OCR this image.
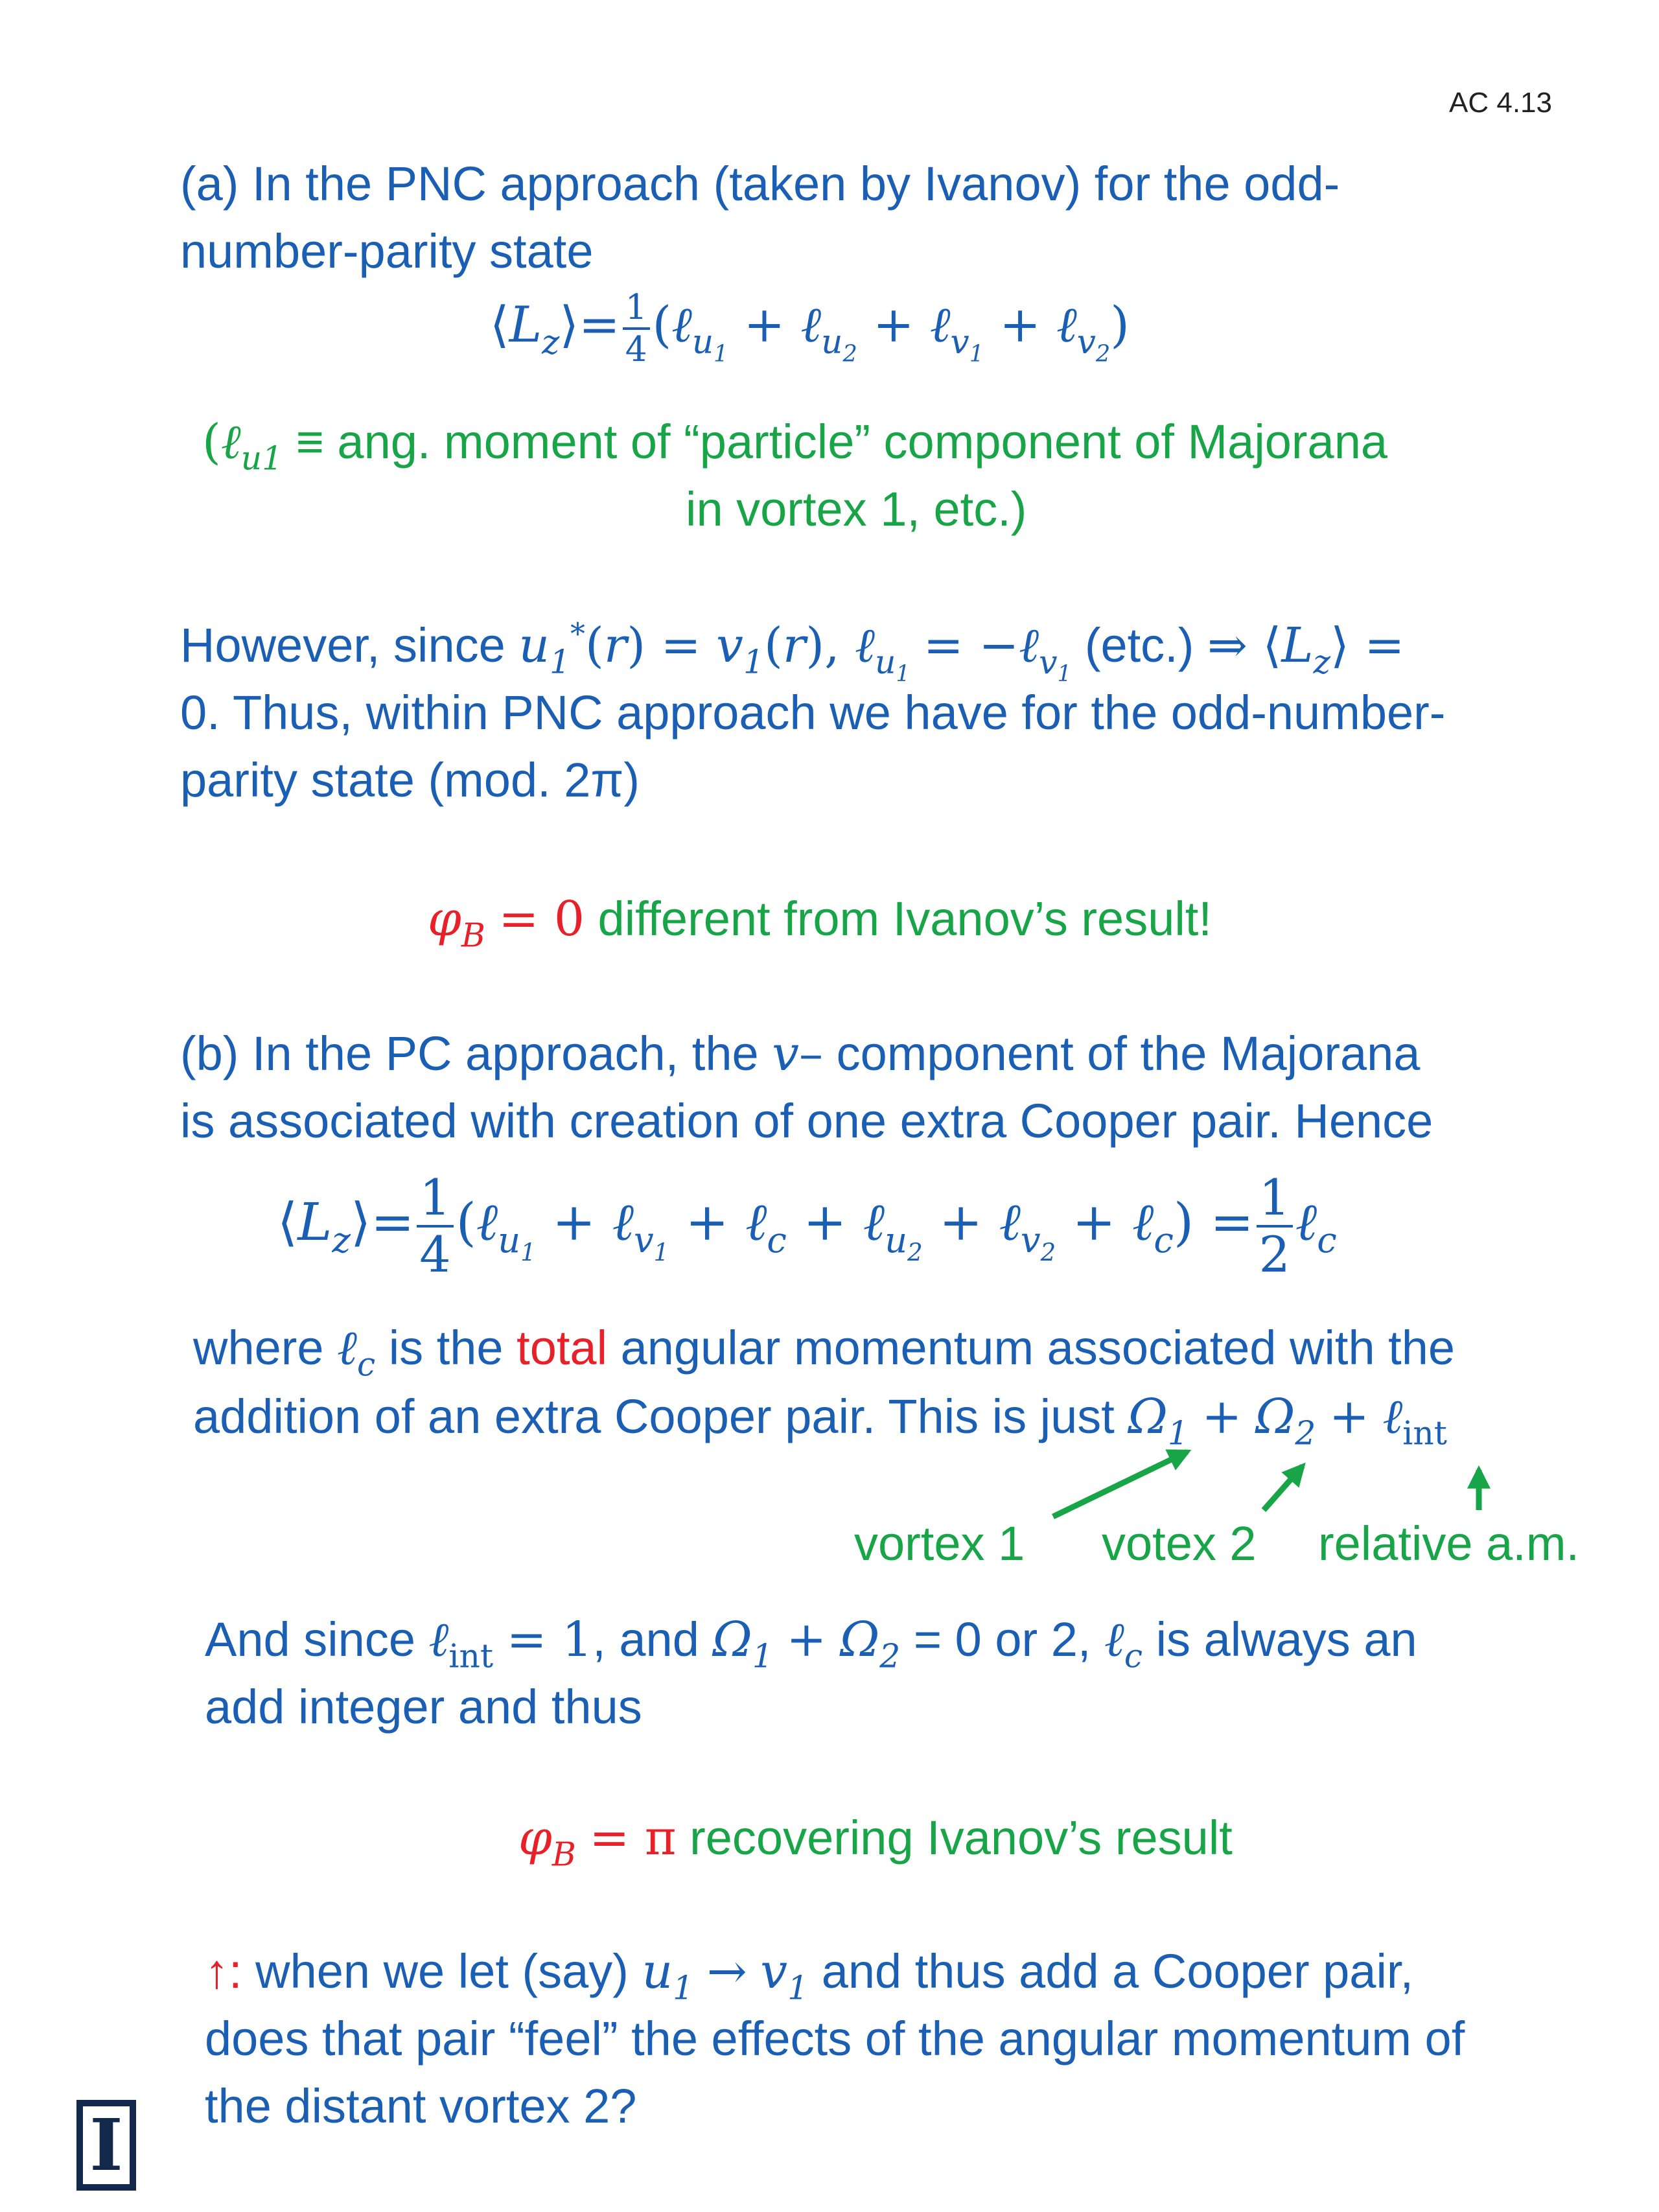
AC 4.13
(a) In the PNC approach (taken by Ivanov) for the odd-
number-parity state
$⟨L_z⟩= \frac{1}{4}$ (ℓ$_{u_1}$ + ℓ$_{u_2}$ + ℓ$_{v_1}$ + ℓ$_{v_2}$)
(ℓ$_{u1}$ ≡ ang. moment of “particle” component of Majorana
in vortex 1, etc.)
However, since $u_1^*(r) = v_1(r)$, ℓ$_{u_1}$ = −ℓ$_{v_1}$ (etc.) ⇒ $⟨L_z⟩$ =
0. Thus, within PNC approach we have for the odd-number-
parity state (mod. 2π)
$\varphi_B = 0$ different from Ivanov’s result!
(b) In the PC approach, the v– component of the Majorana
is associated with creation of one extra Cooper pair. Hence
$⟨L_z⟩= \frac{1}{4}$ (ℓ$_{u_1}$ + ℓ$_{v_1}$ + ℓ$_c$ + ℓ$_{u_2}$ + ℓ$_{v_2}$ + ℓ$_c$) = $\frac{1}{2}$ ℓ$_c$
where ℓ$_c$ is the total angular momentum associated with the
addition of an extra Cooper pair. This is just $\Omega_1 + \Omega_2$ + ℓ$_{int}$
vortex 1 votex 2 relative a.m.
And since ℓ$_{int}$ = 1, and $\Omega_1 + \Omega_2 = 0$ or 2, ℓ$_c$ is always an
add integer and thus
$\varphi_B = \pi$ recovering Ivanov’s result
↑: when we let (say) $u_1 \to v_1$ and thus add a Cooper pair,
does that pair “feel” the effects of the angular momentum of
the distant vortex 2?
I
